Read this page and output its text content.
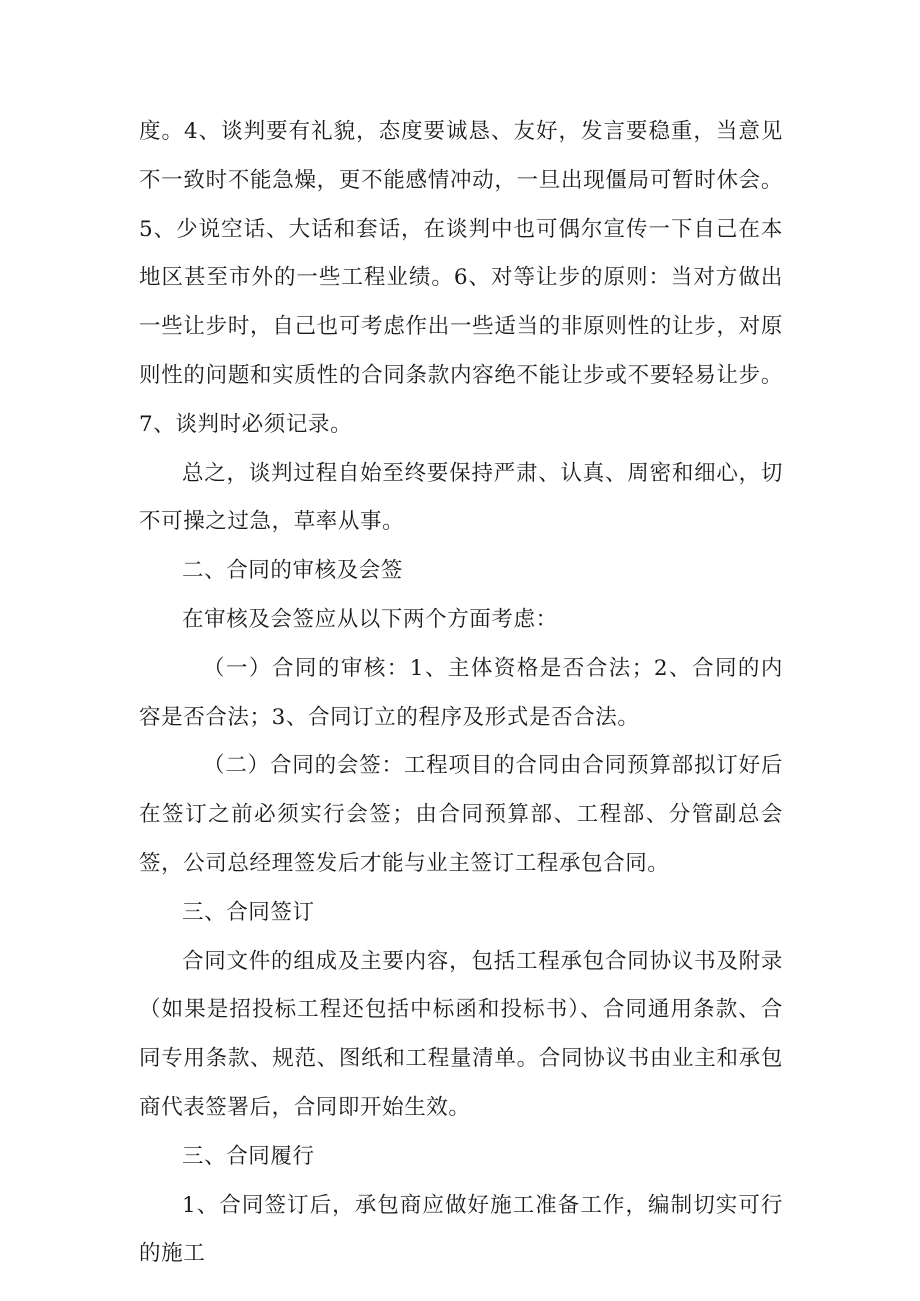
度。4、谈判要有礼貌，态度要诚恳、友好，发言要稳重，当意见不一致时不能急燥，更不能感情冲动，一旦出现僵局可暂时休会。5、少说空话、大话和套话，在谈判中也可偶尔宣传一下自己在本地区甚至市外的一些工程业绩。6、对等让步的原则：当对方做出一些让步时，自己也可考虑作出一些适当的非原则性的让步，对原则性的问题和实质性的合同条款内容绝不能让步或不要轻易让步。7、谈判时必须记录。

总之，谈判过程自始至终要保持严肃、认真、周密和细心，切不可操之过急，草率从事。

二、合同的审核及会签

在审核及会签应从以下两个方面考虑：

（一）合同的审核：1、主体资格是否合法；2、合同的内容是否合法；3、合同订立的程序及形式是否合法。

（二）合同的会签：工程项目的合同由合同预算部拟订好后在签订之前必须实行会签；由合同预算部、工程部、分管副总会签，公司总经理签发后才能与业主签订工程承包合同。

三、合同签订

合同文件的组成及主要内容，包括工程承包合同协议书及附录（如果是招投标工程还包括中标函和投标书）、合同通用条款、合同专用条款、规范、图纸和工程量清单。合同协议书由业主和承包商代表签署后，合同即开始生效。

三、合同履行

1、合同签订后，承包商应做好施工准备工作，编制切实可行的施工
